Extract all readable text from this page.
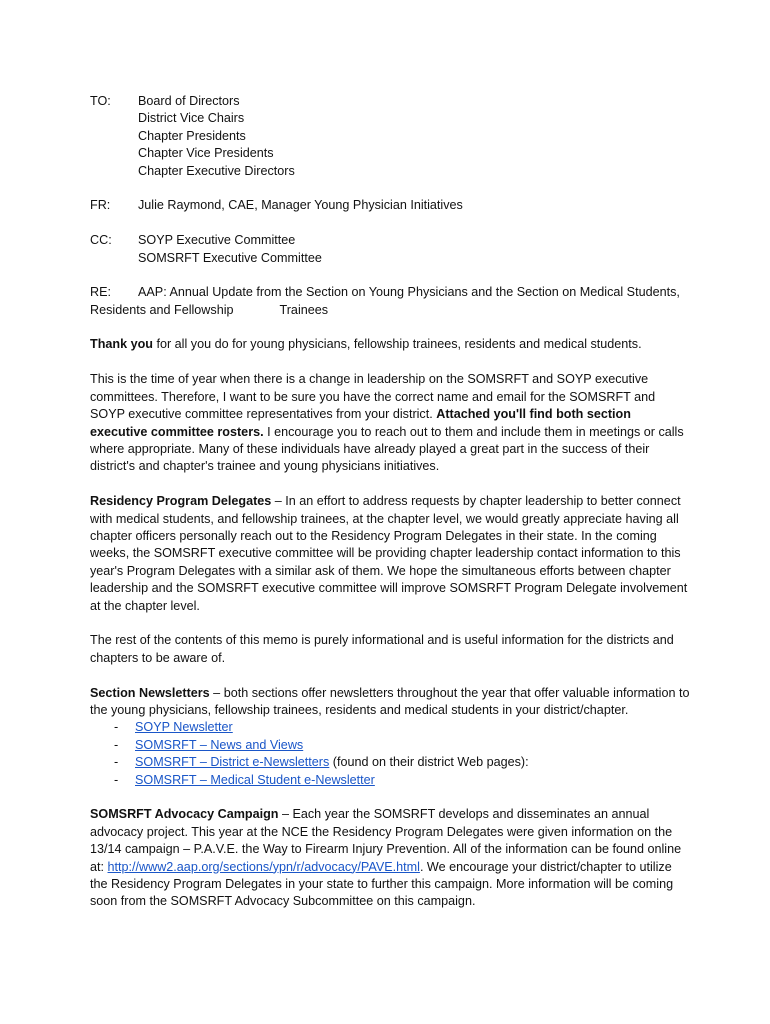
TO: Board of Directors
District Vice Chairs
Chapter Presidents
Chapter Vice Presidents
Chapter Executive Directors
FR: Julie Raymond, CAE, Manager Young Physician Initiatives
CC: SOYP Executive Committee
SOMSRFT Executive Committee
RE: AAP: Annual Update from the Section on Young Physicians and the Section on Medical Students,

Residents and Fellowship	Trainees

Thank you for all you do for young physicians, fellowship trainees, residents and medical students.

This is the time of year when there is a change in leadership on the SOMSRFT and SOYP executive committees. Therefore, I want to be sure you have the correct name and email for the SOMSRFT and SOYP executive committee representatives from your district. Attached you'll find both section executive committee rosters. I encourage you to reach out to them and include them in meetings or calls where appropriate. Many of these individuals have already played a great part in the success of their district's and chapter's trainee and young physicians initiatives.

Residency Program Delegates – In an effort to address requests by chapter leadership to better connect with medical students, and fellowship trainees, at the chapter level, we would greatly appreciate having all chapter officers personally reach out to the Residency Program Delegates in their state. In the coming weeks, the SOMSRFT executive committee will be providing chapter leadership contact information to this year's Program Delegates with a similar ask of them. We hope the simultaneous efforts between chapter leadership and the SOMSRFT executive committee will improve SOMSRFT Program Delegate involvement at the chapter level.

The rest of the contents of this memo is purely informational and is useful information for the districts and chapters to be aware of.

Section Newsletters – both sections offer newsletters throughout the year that offer valuable information to the young physicians, fellowship trainees, residents and medical students in your district/chapter.

- SOYP Newsletter
- SOMSRFT – News and Views
- SOMSRFT – District e-Newsletters (found on their district Web pages):
- SOMSRFT – Medical Student e-Newsletter

SOMSRFT Advocacy Campaign – Each year the SOMSRFT develops and disseminates an annual advocacy project. This year at the NCE the Residency Program Delegates were given information on the 13/14 campaign – P.A.V.E. the Way to Firearm Injury Prevention. All of the information can be found online at: http://www2.aap.org/sections/ypn/r/advocacy/PAVE.html. We encourage your district/chapter to utilize the Residency Program Delegates in your state to further this campaign. More information will be coming soon from the SOMSRFT Advocacy Subcommittee on this campaign.
